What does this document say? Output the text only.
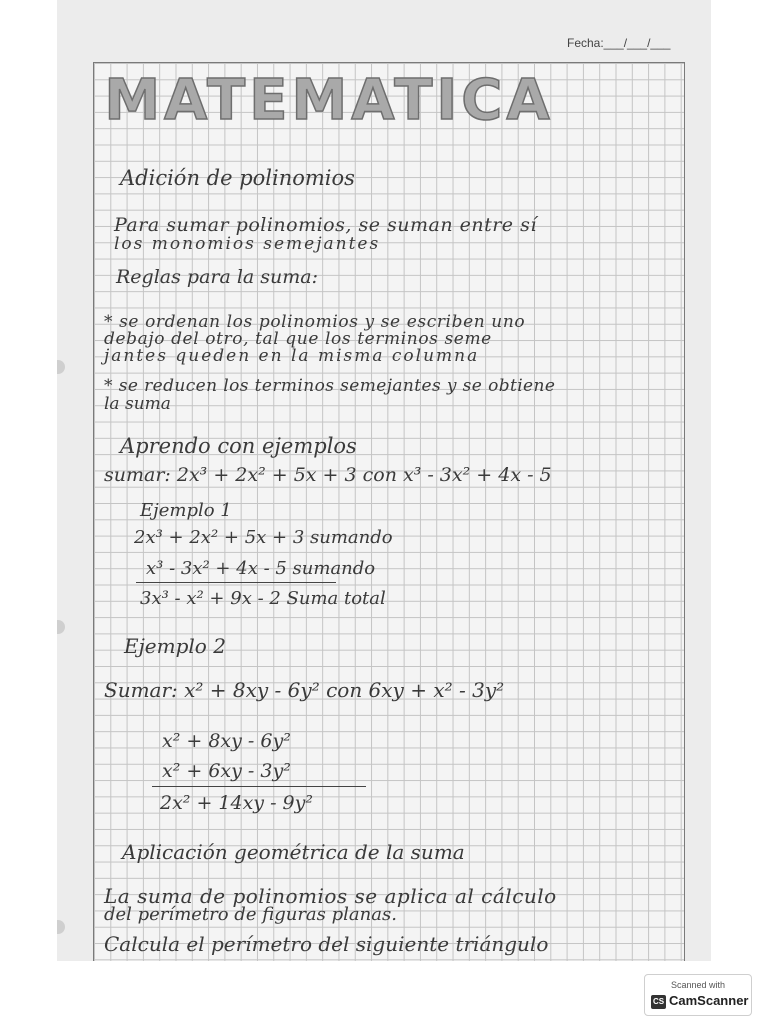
Fecha:___/___/___
MATEMATICA
Adición de polinomios
Para sumar polinomios, se suman entre sí
los monomios semejantes
Reglas para la suma:
* se ordenan los polinomios y se escriben uno
debajo del otro, tal que los terminos seme
jantes queden en la misma columna
* se reducen los terminos semejantes y se obtiene
la suma
Aprendo con ejemplos
sumar: 2x³ + 2x² + 5x + 3 con x³ - 3x² + 4x - 5
Ejemplo 1
2x³ + 2x² + 5x + 3 sumando
x³ - 3x² + 4x - 5 sumando
3x³ - x² + 9x - 2 Suma total
Ejemplo 2
Sumar: x² + 8xy - 6y² con 6xy + x² - 3y²
x² + 8xy - 6y²
x² + 6xy - 3y²
2x² + 14xy - 9y²
Aplicación geométrica de la suma
La suma de polinomios se aplica al cálculo
del perímetro de figuras planas.
Calcula el perímetro del siguiente triángulo
Scanned with
CS CamScanner
